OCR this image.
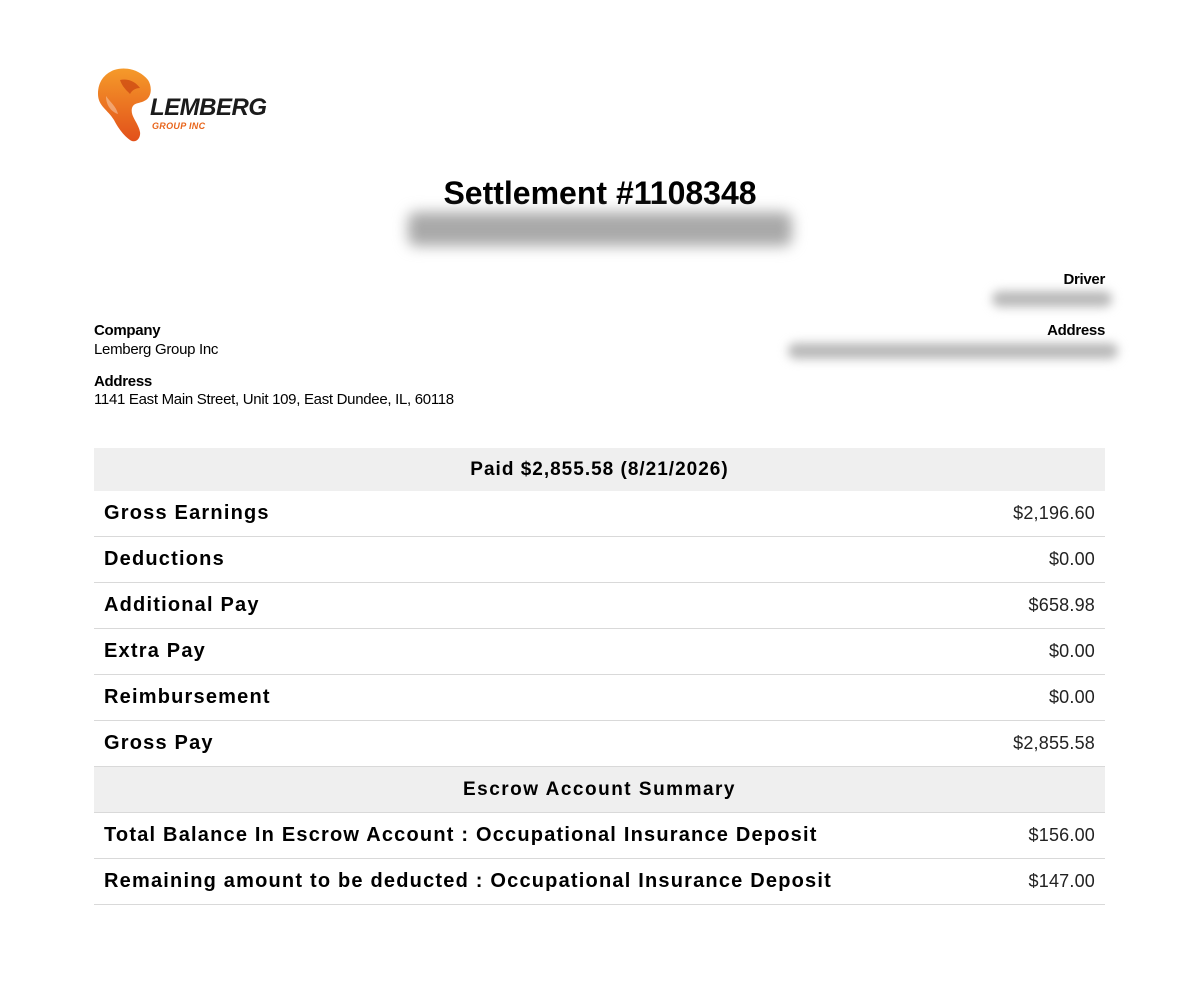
LEMBERG
GROUP INC
Settlement #1108348
Driver
Address
Company
Lemberg Group Inc
Address
1141 East Main Street, Unit 109, East Dundee, IL, 60118
Paid $2,855.58 (8/21/2026)
Gross Earnings	$2,196.60
Deductions	$0.00
Additional Pay	$658.98
Extra Pay	$0.00
Reimbursement	$0.00
Gross Pay	$2,855.58
Escrow Account Summary
Total Balance In Escrow Account : Occupational Insurance Deposit	$156.00
Remaining amount to be deducted : Occupational Insurance Deposit	$147.00
